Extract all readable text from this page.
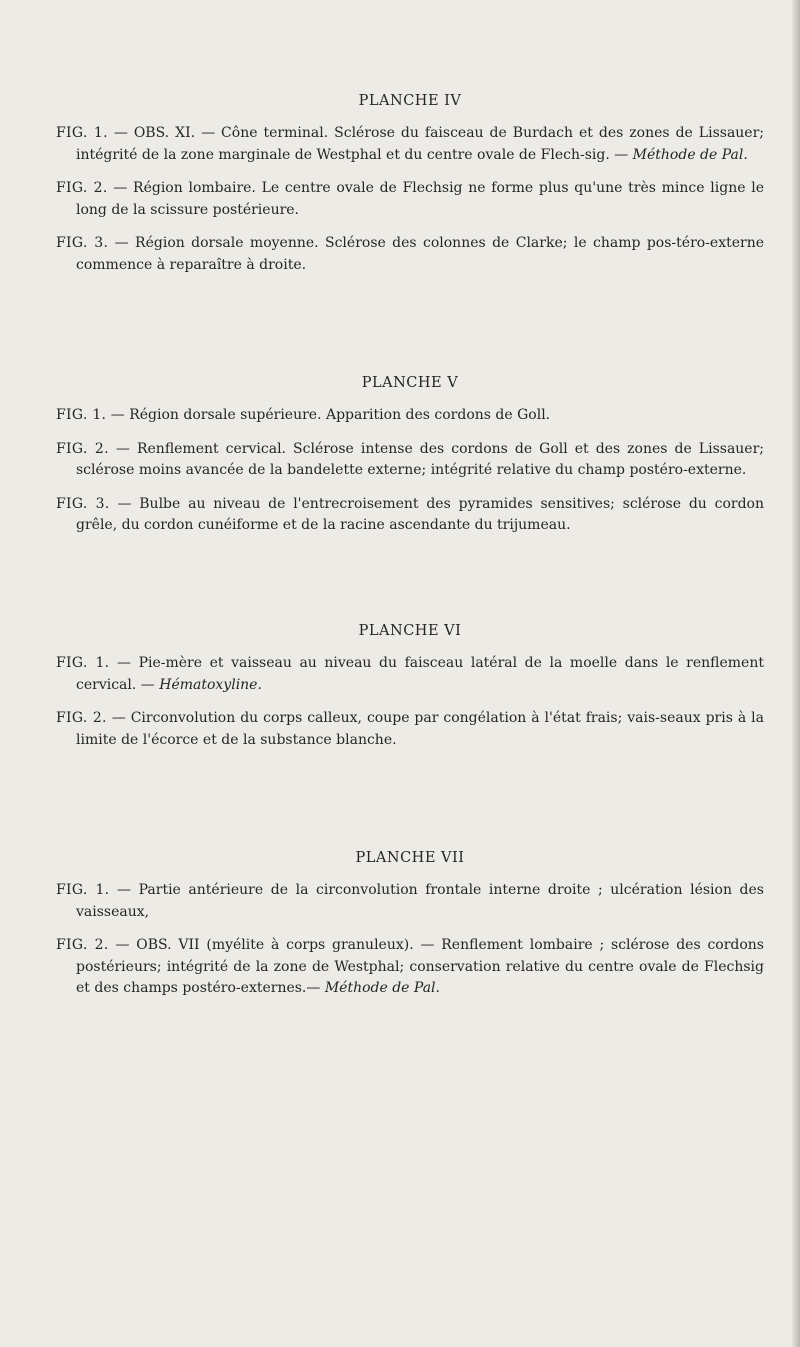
PLANCHE IV

FIG. 1. — OBS. XI. — Cône terminal. Sclérose du faisceau de Burdach et des zones de Lissauer; intégrité de la zone marginale de Westphal et du centre ovale de Flech-sig. — Méthode de Pal.

FIG. 2. — Région lombaire. Le centre ovale de Flechsig ne forme plus qu'une très mince ligne le long de la scissure postérieure.

FIG. 3. — Région dorsale moyenne. Sclérose des colonnes de Clarke; le champ pos-téro-externe commence à reparaître à droite.

PLANCHE V

FIG. 1. — Région dorsale supérieure. Apparition des cordons de Goll.

FIG. 2. — Renflement cervical. Sclérose intense des cordons de Goll et des zones de Lissauer; sclérose moins avancée de la bandelette externe; intégrité relative du champ postéro-externe.

FIG. 3. — Bulbe au niveau de l'entrecroisement des pyramides sensitives; sclérose du cordon grêle, du cordon cunéiforme et de la racine ascendante du trijumeau.

PLANCHE VI

FIG. 1. — Pie-mère et vaisseau au niveau du faisceau latéral de la moelle dans le renflement cervical. — Hématoxyline.

FIG. 2. — Circonvolution du corps calleux, coupe par congélation à l'état frais; vais-seaux pris à la limite de l'écorce et de la substance blanche.

PLANCHE VII

FIG. 1. — Partie antérieure de la circonvolution frontale interne droite ; ulcération lésion des vaisseaux,

FIG. 2. — OBS. VII (myélite à corps granuleux). — Renflement lombaire ; sclérose des cordons postérieurs; intégrité de la zone de Westphal; conservation relative du centre ovale de Flechsig et des champs postéro-externes.— Méthode de Pal.
